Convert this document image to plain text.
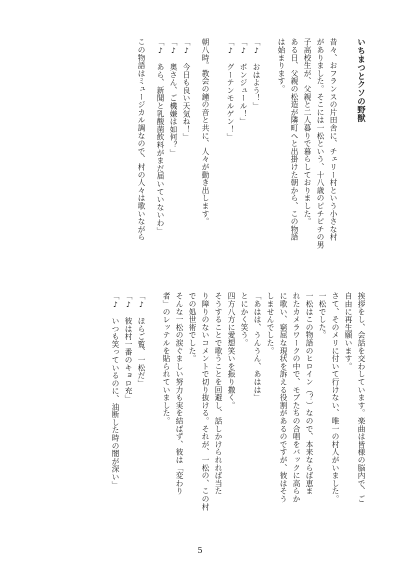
いちまつとクソの野獣
昔々、おフランスの片田舎に、チェリー村という小さな村
がありました。そこには一松という、十八歳のピチピチの男
子高校生が、父親と二人暮りで暮らしておりました。
ある日、父親の松造が隣町へと出掛けた朝から、この物語
は始まります。
「♪　おはよう！」
「♪　ボンジュール！」
「♪　グーテンモルゲン！」
朝八時。教会の鐘の音と共に、人々が動き出します。
「♪　今日も良い天気ね！」
「♪　奥さん、ご機嫌は如何？」
「♪　あら、新聞と乳酸菌飲料がまだ届いていないわ」
この物語はミュージカル調なので、村の人々は歌いながら
挨拶をし、会話を交わしています。楽曲は皆様の脳内で、ご
自由に再生願います。
さて、そのメリに付いて行けない、唯一の村人がいました。
一松でした。
一松はこの物語のヒロイン（？）なので、本来ならば恵ま
れたカメラワークの中で、モブたちの合唱をバックに高らか
に歌い、窮屈な現状を訴える役割があるのですが、彼はそう
しませんでした。
「あはは、うんうん、あはは」
とにかく笑う。
四方八方に愛想笑いを振り撒く。
そうすることで歌うことを回避し、話しかけられれば当た
り障りのないコメントで切り抜ける。それが、一松の、この村
での処世術でした。
そんな一松の涙ぐましい努力も実を結ばず、彼は「変わり
者」のレッテルを貼られていました。
「♪　ほらご覧、一松だ」
「♪　彼は村一番のキョロ充」
「♪　いつも笑っているのに、油断した時の闇が深い」
5
